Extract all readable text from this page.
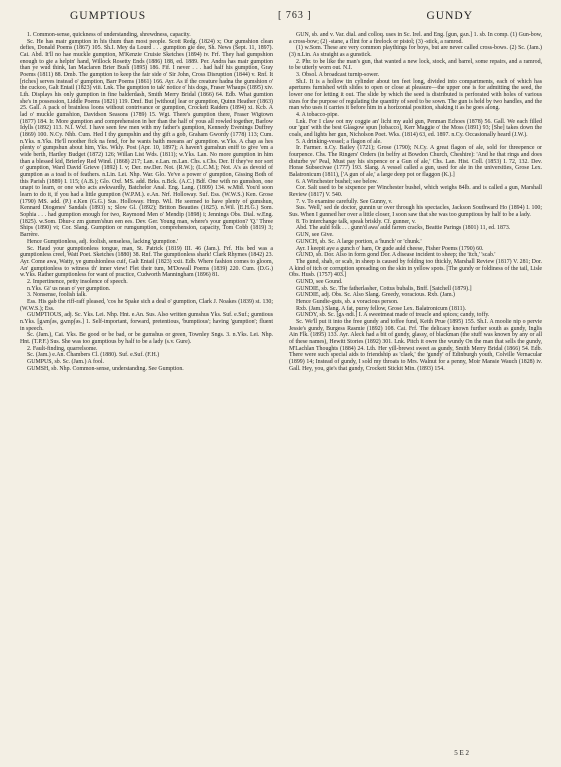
GUMPTIOUS	[ 763 ]	GUNDY

1. Common-sense, quickness of understanding, shrewdness, capacity.

Sc. He has mair gumption in his thum than most people. Scott Redg. (1824) x; Our gumshion clean defies, Donald Poems (1867) 105. Sh.I. Mey da Lourd . . . gumption gie dee, Sh. News (Sept. 11, 1897). Cai. Abd. It'll no hae muckle gumption, M'Kenzie Cruisie Sketches (1894) iv. Frf. They had gumpshion enough to gie a helpin' hand, Willock Rosetty Ends (1886) 188, ed. 1889. Per. Andra has mair gumption than ye wud think, Ian Maclaren Brier Bush (1895) 186. Fif. I never . . . had half his gumption, Gray Poems (1811) 88. Dmb. The gumption to keep the fair side o' Sir John, Cross Disruption (1844) v. Rnf. It [riches] serves instead o' gumption, Barr Poems (1861) 166. Ayr. As if the creature hadna the gumshion o' the cuckoo, Galt Entail (1823) viii. Lnk. The gumption to tak' notice o' his dogs, Fraser Whaups (1895) xiv. Lth. Displays his only gumption in fine balderdash, Smith Merry Bridal (1866) 64. Edb. What gumtion she's in possession, Liddle Poems (1821) 119. Dmf. But [without] lear or gumption, Quinn Heather (1863) 25. Gall. A pack of brainless loons without contrivance or gumption, Crockett Raiders (1894) xi. Kcb. A lad o' muckle gumshion, Davidson Seasons (1789) 15. Wgt. There's gumption there, Fraser Wigtown (1877) 184. Ir. More gumption and comprehension in her than the half of yous all rowled together, Barlow Idylls (1892) 113. N.I. Wxf. I have seen few men with my father's gumption, Kennedy Evenings Duffrey (1869) 100. N.Cy. Nhb. Cum. Hed I thy gumpshin and thy gift a gob, Graham Gwordy (1778) 113; Cum. n.Yks. n.Yks. He'll noother fick na fend, for he wants baith meeans an' gumption. w.Yks. A chap as hes plenty o' gumpshun about him, Yks. Wkly. Post (Apr. 10, 1897); A haven't gumshun eniff to give 'em a wide berth, Hartley Budget (1872) 126; Willan List Wds. (1811); w.Yks. Lan. No more gumption in him than a blessed kid, Brierley Red Wind. (1868) 217; Lan. e.Lan. m.Lan. Chs. s.Chs. Der. If they've nor sort o' gumption, Ward David Grieve (1892) I. v; Der. nw.Der. Not. (R.W.); (L.C.M.); Not. A's as devoid of gumption as a toad is of feathers. n.Lin. Lei. Nhp. War. Glo. Ye've a power o' gumption, Gissing Both of this Parish (1889) I. 115; (A.B.); Glo. Oxf. MS. add. Brks. n.Bck. (A.C.) Bdf. One with no gumshon, one unapt to learn, or one who acts awkwardly, Batchelor Anal. Eng. Lang. (1809) 134. w.Mid. You'd soon learn to do it, if you had a little gumption (W.P.M.). e.An. Nrf. Holloway. Suf. Ess. (W.W.S.) Ken. Grose (1790) MS. add. (P.) e.Ken (G.G.) Sus. Holloway. Hmp. Wil. He seemed to have plenty of gumshun, Kennard Diogenes' Sandals (1893) x; Slow Gl. (1892); Britton Beauties (1825). n.Wil. (E.H.G.) Som. Sophia . . . had gumption enough for two, Raymond Men o' Mendip (1898) i; Jennings Obs. Dial. w.Eng. (1825). w.Som. Dhur-z zm gumm'shun een ees. Dev. Ger. Young man, where's your gumption? 'Q.' Three Ships (1890) vi; Cor. Slang. Gumption or rumgumption, comprehension, capacity, Tom Cobb (1819) 3; Barrère.

Hence Gumptionless, adj. foolish, senseless, lacking 'gumption.'

Sc. Haud your gumptionless tongue, man, St. Patrick (1819) III. 46 (Jam.). Frf. His bed was a gumptionless creel, Watt Poet. Sketches (1880) 38. Rnf. The gumptionless shark! Clark Rhymes (1842) 23. Ayr. Come awa, Watty, ye gumshionless cuif, Galt Entail (1823) xxii. Edb. Where fashion comes to gloom, An' gumptionless to witness th' inner view! Flet their tum, M'Dowall Poems (1839) 220. Cum. (D.G.) w.Yks. Rather gumptionless for want of practice, Cudworth Manningham (1896) 81.

2. Impertinence, petty insolence of speech.

n.Yks. Gi' us nean o' yer gumption.

3. Nonsense, foolish talk.

Ess. His gab the riff-raff pleased, 'cos he Spake sich a deal o' gumption, Clark J. Noakes (1839) st. 130; (W.W.S.); Ess.

GUMPTIOUS, adj. Sc. Yks. Lei. Nhp. Hnt. e.An. Sus. Also written gumshus Yks. Suf. e.Suf.; gumtious n.Yks. [gʌmʃəs, gʌmpʃəs.] 1. Self-important, forward, pretentious, 'bumptious'; having 'gumption'; fluent in speech.

Sc. (Jam.), Cai. Yks. Be good or be bad, or be gumshus or green, Townley Sngs. 3. n.Yks. Lei. Nhp. Hnt. (T.P.F.) Sus. She was too gumptious by half to be a lady (s.v. Gure).

2. Fault-finding, quarrelsome.

Sc. (Jam.) e.An. Chambers Cl. (1880). Suf. e.Suf. (F.H.)

GUMPUS, sb. Sc. (Jam.) A fool.

GUMSH, sb. Nhp. Common-sense, understanding. See Gumption.

GUN, sb. and v. Var. dial. and colloq. uses in Sc. Irel. and Eng. [gun, gʌn.] 1. sb. In comp. (1) Gun-bow, a cross-bow; (2) -stane, a flint for a firelock or pistol; (3) -stick, a ramrod.

(1) w.Som. These are very common playthings for boys, but are never called cross-bows. (2) Sc. (Jam.) (3) n.Lin. As straight as a gunstick.

2. Phr. to be like the man's gun, that wanted a new lock, stock, and barrel, some repairs, and a ramrod, to be utterly worn out. N.I.

3. Obsol. A broadcast turnip-sower.

Sh.I. It is a hollow tin cylinder about ten feet long, divided into compartments, each of which has apertures furnished with slides to open or close at pleasure—the upper one is for admitting the seed, the lower one for letting it out. The slide by which the seed is distributed is perforated with holes of various sizes for the purpose of regulating the quantity of seed to be sown. The gun is held by two handles, and the man who uses it carries it before him in a horizontal position, shaking it as he goes along.

4. A tobacco-pipe.

Lnk. For I claw oot my coggie an' licht my auld gun, Penman Echoes (1878) 56. Gall. We each filled our 'gun' with the best Glasgow spun [tobacco], Kerr Maggie o' the Moss (1891) 93; [She] takes down the coals, and lights her gun, Nicholson Poet. Wks. (1814) 63, ed. 1897. n.Cy. Occasionally heard (J.W.).

5. A drinking-vessel; a flagon of ale.

Ir. Farmer. n.Cy. Bailey (1721); Grose (1790); N.Cy. A great flagon of ale, sold for threepence or fourpence. Chs. The Ringers' Orders (in belfry at Bowdon Church, Cheshire): 'And he that rings and does disturbe ye' Peal, Must pay his sixpence or a Gun of ale,' Chs. Lan. Hist. Coll. (1853) I. 72, 132. Dev. Horae Subsecivae (1777) 193. Slang. A vessel called a gun, used for ale in the universities, Grose Lex. Balatronicum (1811), ['A gun of ale,' a large deep pot or flaggon (K.).]

6. A Winchester bushel; see below.

Cor. Salt used to be sixpence per Winchester bushel, which weighs 84lb. and is called a gun, Marshall Review (1817) V. 540.

7. v. To examine carefully. See Gunny, v.

Sus. 'Well,' sed de doctor, gunnin ur over through his spectacles, Jackson Southward Ho (1894) I. 100; Sus. When I gunned her over a little closer, I soon saw that she was too gumptious by half to be a lady.

8. To interchange talk, speak briskly. Cf. gunner, v.

Abd. The auld folk . . . gunn'd awa' auld farren cracks, Beattie Parings (1801) 11, ed. 1873.

GUN, see Give.

GUNCH, sb. Sc. A large portion, a 'hunch' or 'chunk.'

Ayr. I keepit aye a gunch o' ham, Or gude auld cheese, Fisher Poems (1790) 60.

GUND, sb. Dor. Also in form gond Dor. A disease incident to sheep; the 'itch,' 'scab.'

The gund, shab, or scab, in sheep is caused by folding too thickly, Marshall Review (1817) V. 281; Dor. A kind of itch or corruption spreading on the skin in yellow spots. [The gundy or foldiness of the tail, Lisle Obs. Husb. (1757) 403.]

GUND, see Gound.

GUNDIE, sb. Sc. The fatherlasher, Cottus bubalis, Bnff. [Satchell (1879).]

GUNDIE, adj. Obs. Sc. Also Slang. Greedy, voracious. Rxb. (Jam.)

Hence Gundie-guts, sb. a voracious person.

Rxb. (Jam.) Slang. A fat, pursy fellow, Grose Lex. Balatronicum (1811).

GUNDY, sb. Sc. [gʌ·ndi.] I. A sweetmeat made of treacle and spices; candy, toffy.

Sc. We'll put it into the free gundy and toffee fund, Keith Prue (1895) 155. Sh.I. A moolie nip o pervie Jessie's gundy, Burgess Rasmie (1892) 108. Cai. Frf. The delicacy known further south as gundy, Inglis Ain Flk. (1895) 133. Ayr. Aleck had a bit of gundy, glassy, of blackman (the stuff was known by any or all of these names), Hewitt Stories (1892) 301. Lnk. Pitch it owre the wundy On the man that sells the gundy, M'Lachlan Thoughts (1884) 24. Lth. Her yill-brewst sweet as gundy, Smith Merry Bridal (1866) 54. Edb. There were such special aids to friendship as 'claek,' the 'gundy' of Edinburgh youth, Colville Vernacular (1899) 14; Instead of gundy, I sold my throats to Mrs. Walnut for a penny, Moir Mansie Wauch (1828) iv. Gall. Hey, you, gie's that gundy, Crockett Stickit Min. (1893) 154.

5 E 2
